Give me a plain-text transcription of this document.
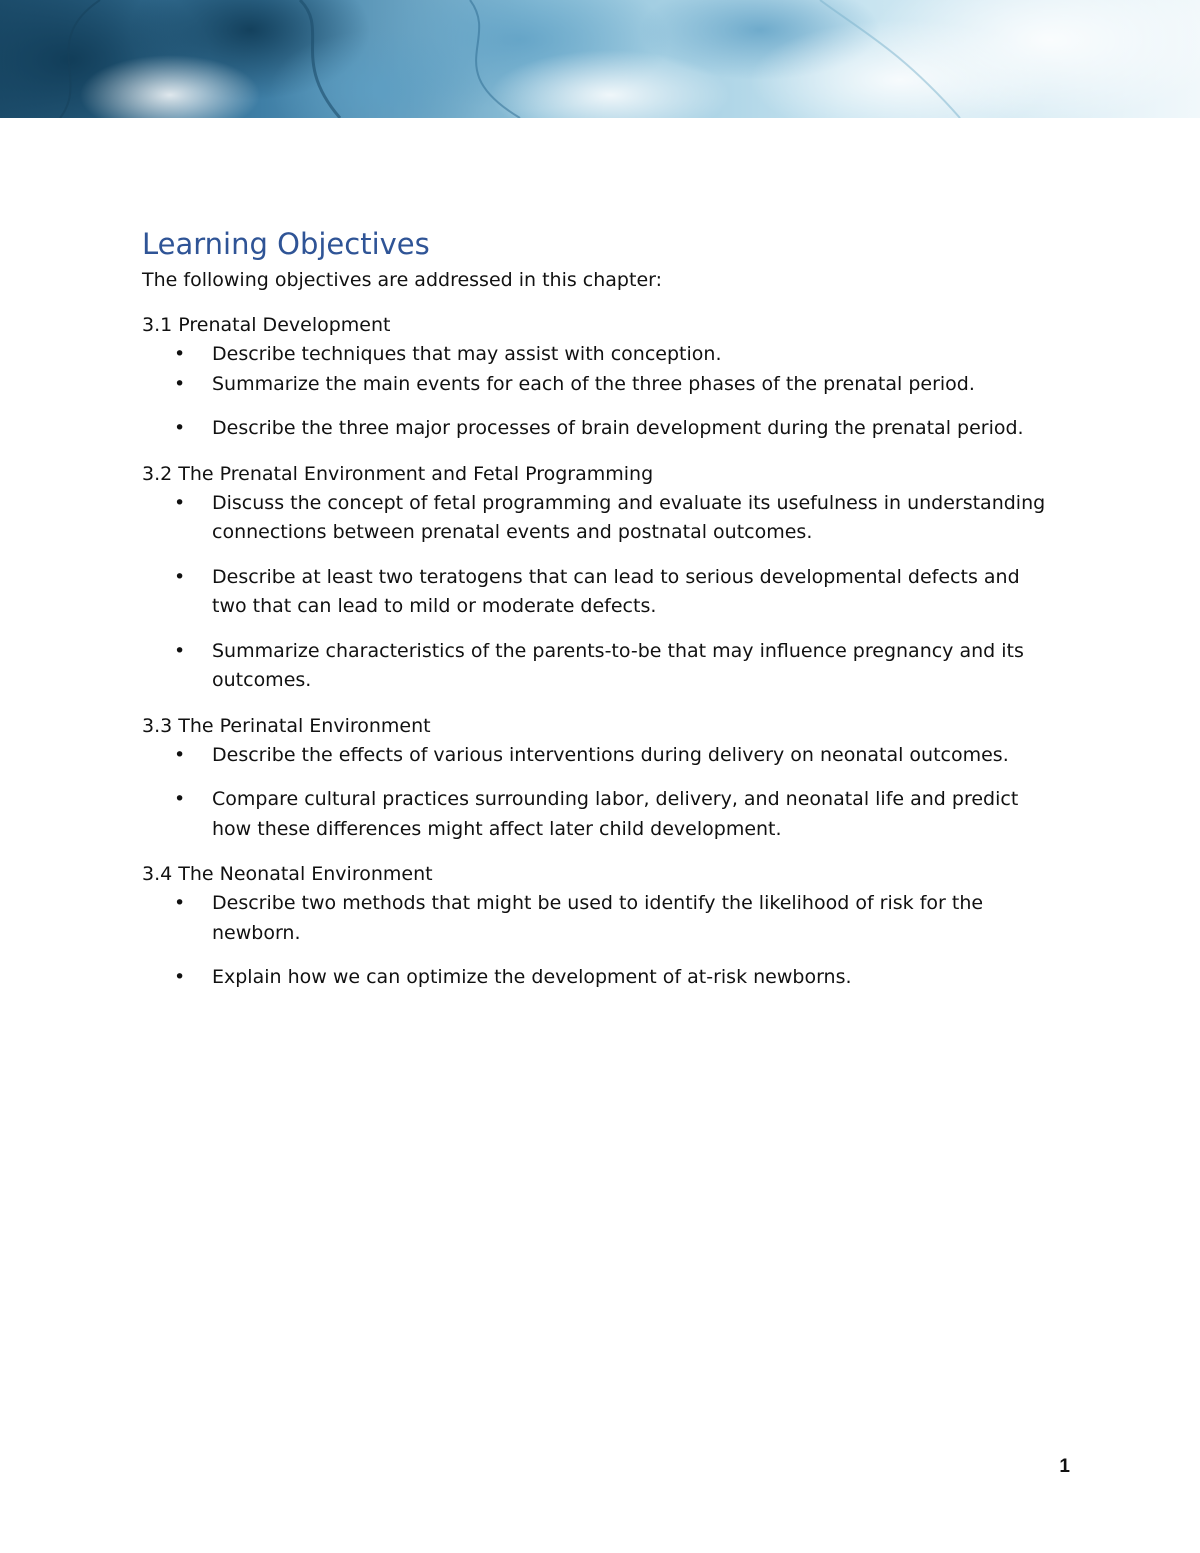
Learning Objectives

The following objectives are addressed in this chapter:

3.1 Prenatal Development

• Describe techniques that may assist with conception.
• Summarize the main events for each of the three phases of the prenatal period.
• Describe the three major processes of brain development during the prenatal period.

3.2 The Prenatal Environment and Fetal Programming

• Discuss the concept of fetal programming and evaluate its usefulness in understanding connections between prenatal events and postnatal outcomes.
• Describe at least two teratogens that can lead to serious developmental defects and two that can lead to mild or moderate defects.
• Summarize characteristics of the parents-to-be that may influence pregnancy and its outcomes.

3.3 The Perinatal Environment

• Describe the effects of various interventions during delivery on neonatal outcomes.
• Compare cultural practices surrounding labor, delivery, and neonatal life and predict how these differences might affect later child development.

3.4 The Neonatal Environment

• Describe two methods that might be used to identify the likelihood of risk for the newborn.
• Explain how we can optimize the development of at-risk newborns.
1
